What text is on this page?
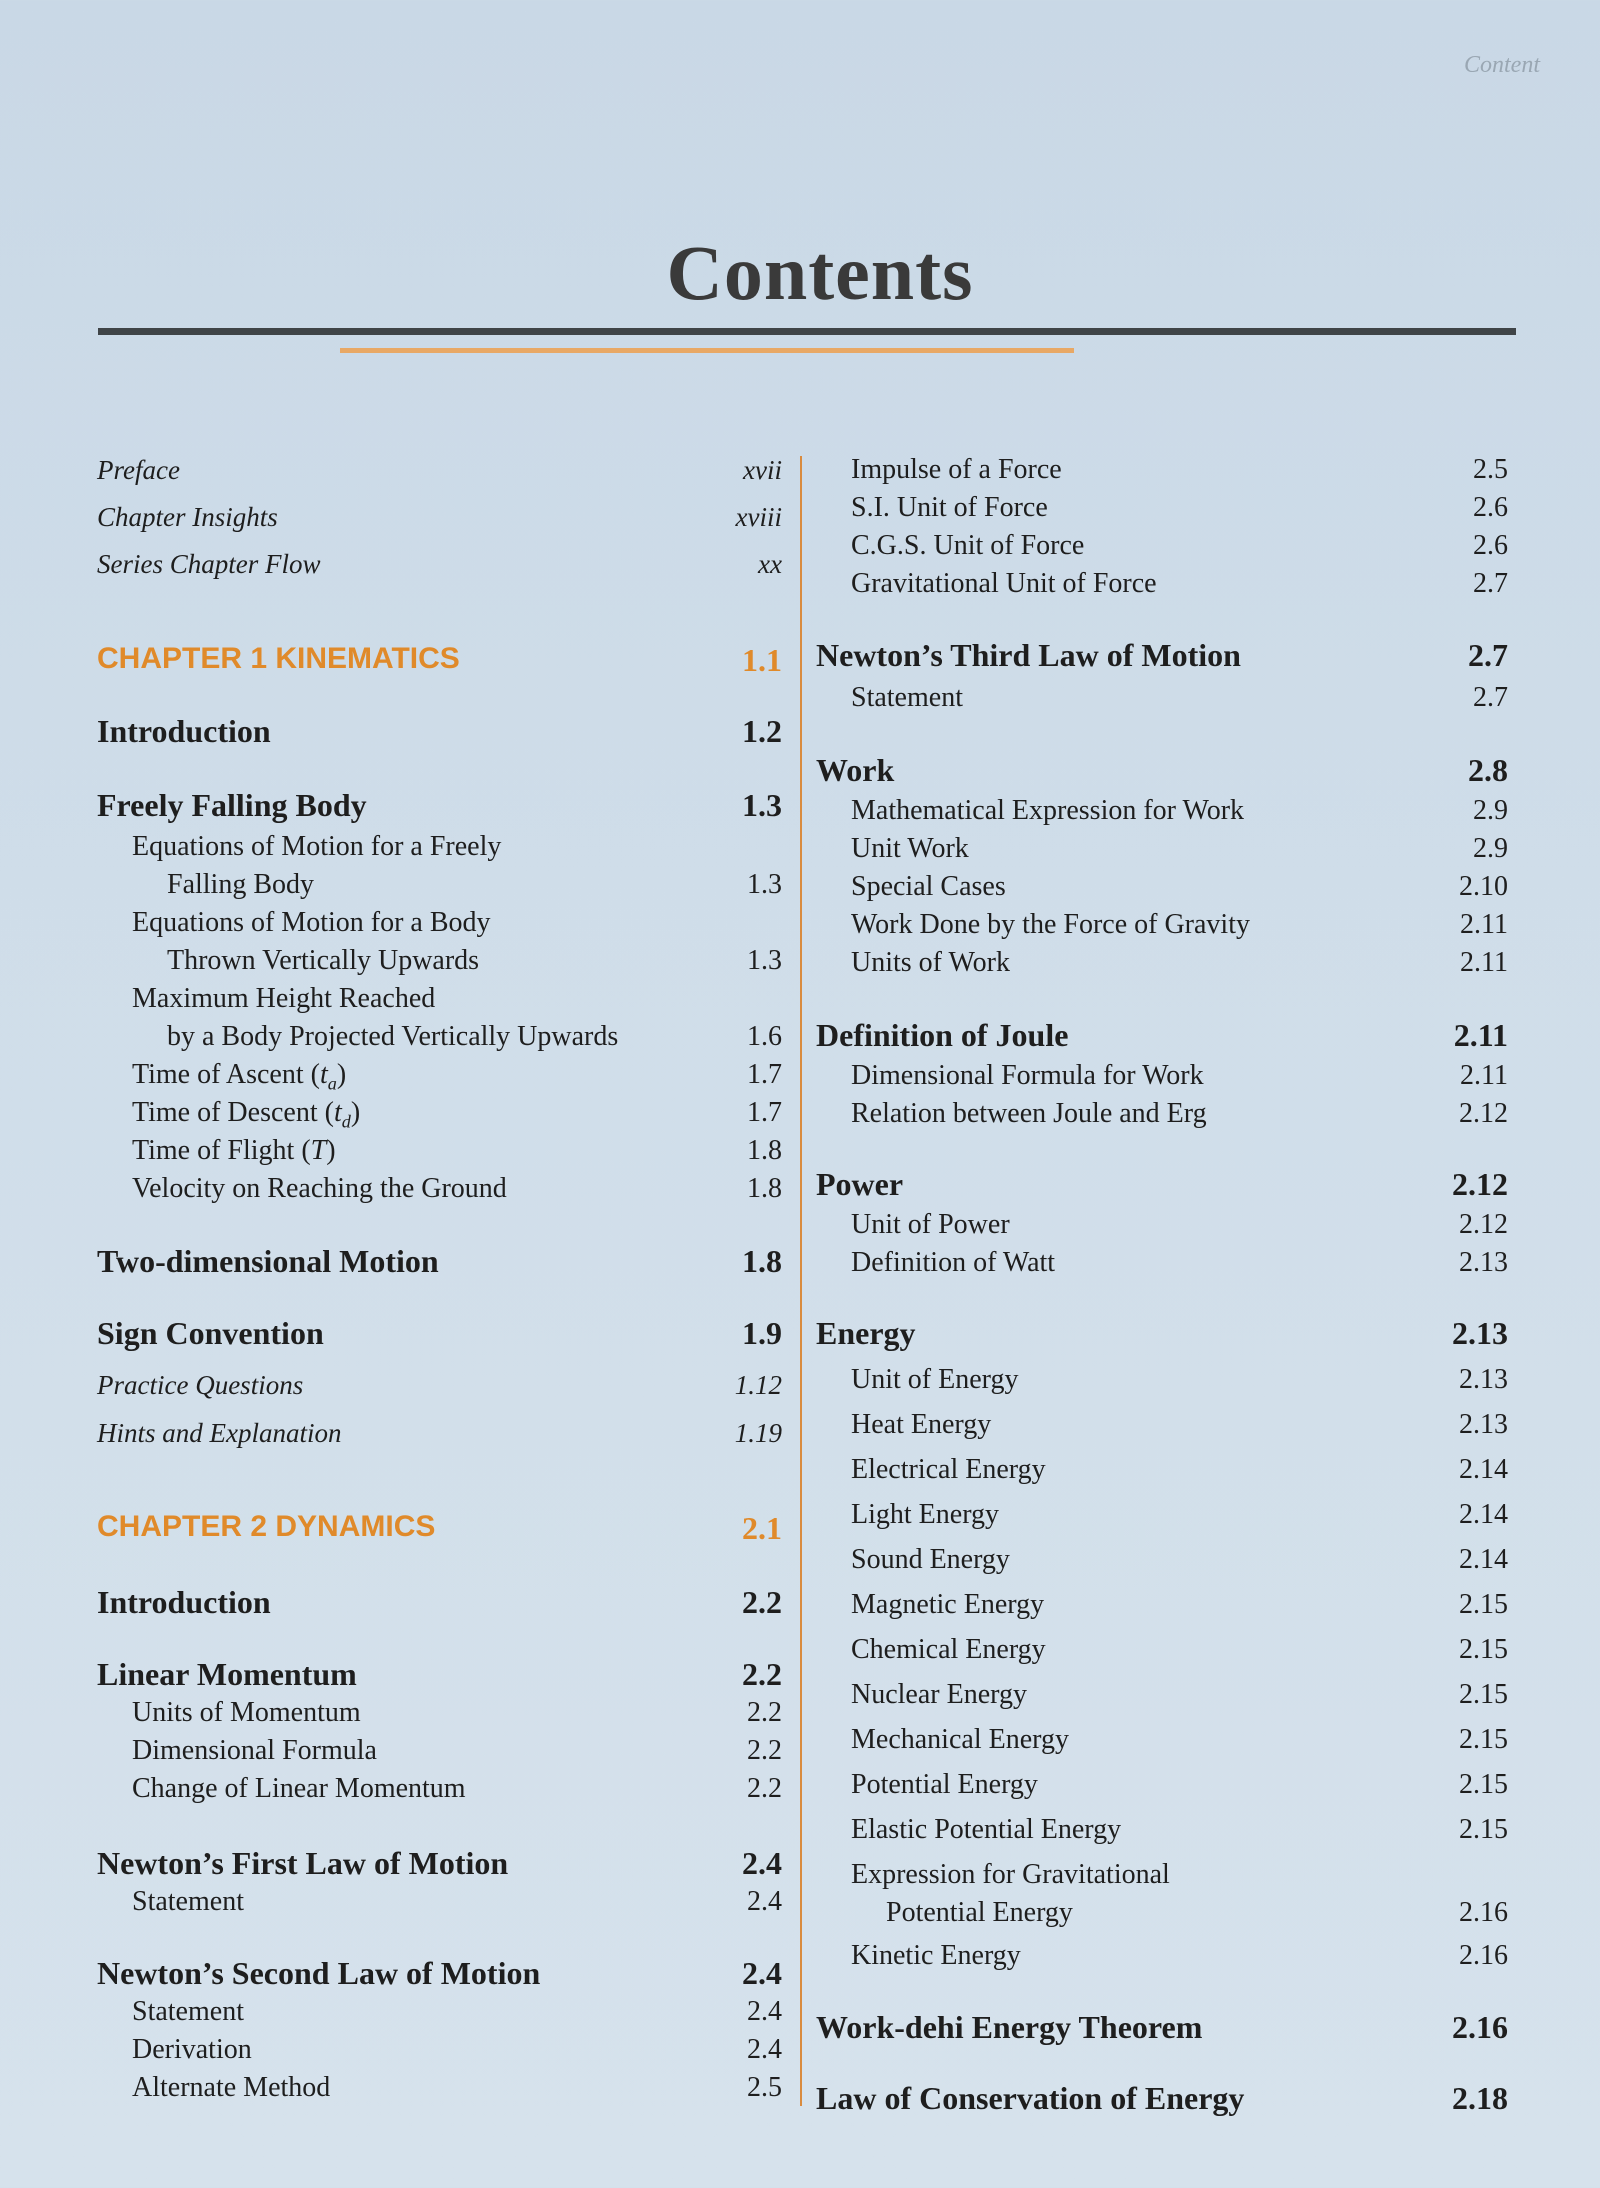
Content
Contents
Preface	xvii
Chapter Insights	xviii
Series Chapter Flow	xx
CHAPTER 1 KINEMATICS	1.1
Introduction	1.2
Freely Falling Body	1.3
Equations of Motion for a Freely
Falling Body	1.3
Equations of Motion for a Body
Thrown Vertically Upwards	1.3
Maximum Height Reached
by a Body Projected Vertically Upwards	1.6
Time of Ascent $(t_a)$	1.7
Time of Descent $(t_d)$	1.7
Time of Flight (T)	1.8
Velocity on Reaching the Ground	1.8
Two-dimensional Motion	1.8
Sign Convention	1.9
Practice Questions	1.12
Hints and Explanation	1.19
CHAPTER 2 DYNAMICS	2.1
Introduction	2.2
Linear Momentum	2.2
Units of Momentum	2.2
Dimensional Formula	2.2
Change of Linear Momentum	2.2
Newton’s First Law of Motion	2.4
Statement	2.4
Newton’s Second Law of Motion	2.4
Statement	2.4
Derivation	2.4
Alternate Method	2.5
Impulse of a Force	2.5
S.I. Unit of Force	2.6
C.G.S. Unit of Force	2.6
Gravitational Unit of Force	2.7
Newton’s Third Law of Motion	2.7
Statement	2.7
Work	2.8
Mathematical Expression for Work	2.9
Unit Work	2.9
Special Cases	2.10
Work Done by the Force of Gravity	2.11
Units of Work	2.11
Definition of Joule	2.11
Dimensional Formula for Work	2.11
Relation between Joule and Erg	2.12
Power	2.12
Unit of Power	2.12
Definition of Watt	2.13
Energy	2.13
Unit of Energy	2.13
Heat Energy	2.13
Electrical Energy	2.14
Light Energy	2.14
Sound Energy	2.14
Magnetic Energy	2.15
Chemical Energy	2.15
Nuclear Energy	2.15
Mechanical Energy	2.15
Potential Energy	2.15
Elastic Potential Energy	2.15
Expression for Gravitational
Potential Energy	2.16
Kinetic Energy	2.16
Work-dehi Energy Theorem	2.16
Law of Conservation of Energy	2.18
